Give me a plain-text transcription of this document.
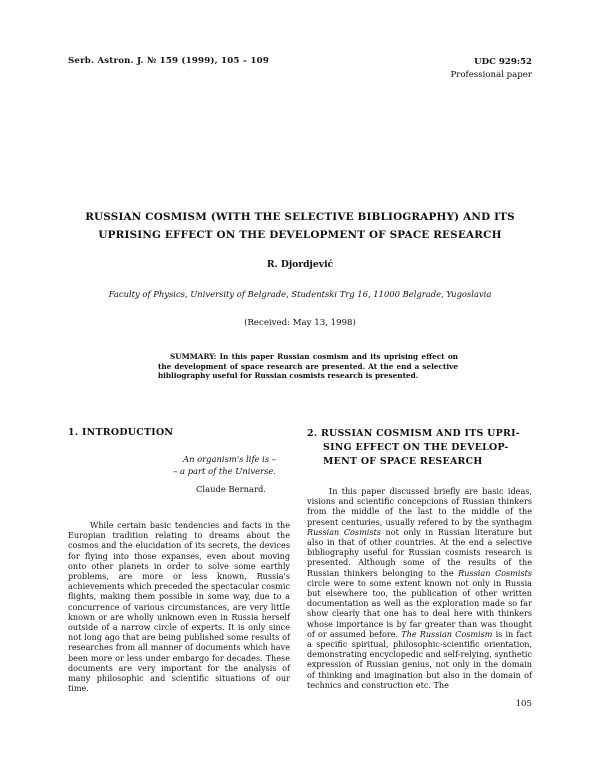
Serb. Astron. J. № 159 (1999), 105 – 109	UDC 929:52
Professional paper
RUSSIAN COSMISM (WITH THE SELECTIVE BIBLIOGRAPHY) AND ITS
UPRISING EFFECT ON THE DEVELOPMENT OF SPACE RESEARCH
R. Djordjević
Faculty of Physics, University of Belgrade, Studentski Trg 16, 11000 Belgrade, Yugoslavia
(Received: May 13, 1998)
SUMMARY: In this paper Russian cosmism and its uprising effect on the development of space research are presented. At the end a selective bibliography useful for Russian cosmists research is presented.
1. INTRODUCTION
An organism's life is –
– a part of the Universe.
Claude Bernard.

While certain basic tendencies and facts in the Europian tradition relating to dreams about the cosmos and the elucidation of its secrets, the devices for flying into those expanses, even about moving onto other planets in order to solve some earthly problems, are more or less known, Russia's achievements which preceded the spectacular cosmic flights, making them possible in some way, due to a concurrence of various circumstances, are very little known or are wholly unknown even in Russia herself outside of a narrow circle of experts. It is only since not long ago that are being published some results of researches from all manner of documents which have been more or less under embargo for decades. These documents are very important for the analysis of many philosophic and scientific situations of our time.

2. RUSSIAN COSMISM AND ITS UPRI-
SING EFFECT ON THE DEVELOP-
MENT OF SPACE RESEARCH

In this paper discussed briefly are basic ideas, visions and scientific concepcions of Russian thinkers from the middle of the last to the middle of the present centuries, usually refered to by the synthagm Russian Cosmists not only in Russian literature but also in that of other countries. At the end a selective bibliography useful for Russian cosmists research is presented. Although some of the results of the Russian thinkers belonging to the Russian Cosmists circle were to some extent known not only in Russia but elsewhere too, the publication of other written documentation as well as the exploration made so far show clearly that one has to deal here with thinkers whose importance is by far greater than was thought of or assumed before. The Russian Cosmism is in fact a specific spiritual, philosophic-scientific orientation, demonstrating encyclopedic and self-relying, synthetic expression of Russian genius, not only in the domain of thinking and imagination but also in the domain of technics and construction etc. The

105
